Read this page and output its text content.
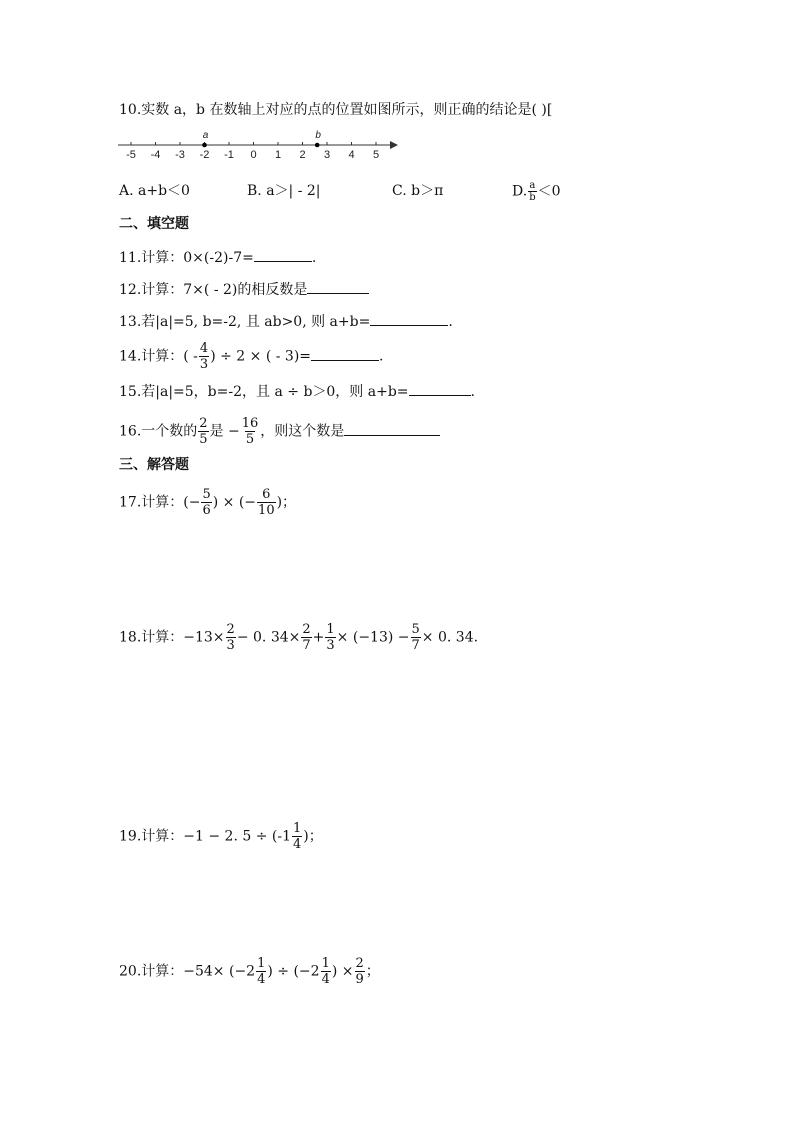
10.实数 a，b 在数轴上对应的点的位置如图所示，则正确的结论是( )[
-5 -4 -3 -2 -1 0 1 2 3 4 5
a	b
A. a+b＜0	B. a＞| - 2|	C. b＞π	D. $\frac{a}{b} <0$
二、填空题
11.计算：0×(-2)-7=	.
12.计算：7×( - 2)的相反数是
13.若|a|=5, b=-2, 且 ab>0, 则 a+b=	.
14.计算：( - $\frac{4}{3}$ ) ÷ 2 × ( - 3)=	.
15.若|a|=5，b=-2，且 a ÷ b＞0，则 a+b=	.
16.一个数的 $\frac{2}{5}$ 是 − $\frac{16}{5}$ ，则这个数是
三、解答题
17.计算：(− $\frac{5}{6}$ ) × (− $\frac{6}{10}$ )；
18.计算：$-13\times \frac{2}{3} - 0$. $34\times \frac{2}{7} + \frac{1}{3} \times (-13) - \frac{5}{7} \times 0$. 34.
19.计算：−1 − 2. $5 \div (-1 \frac{1}{4}$ )；
20.计算：$-54\times (-2 \frac{1}{4}$ ) ÷ ($-2 \frac{1}{4}$ ) × $\frac{2}{9}$ ；
